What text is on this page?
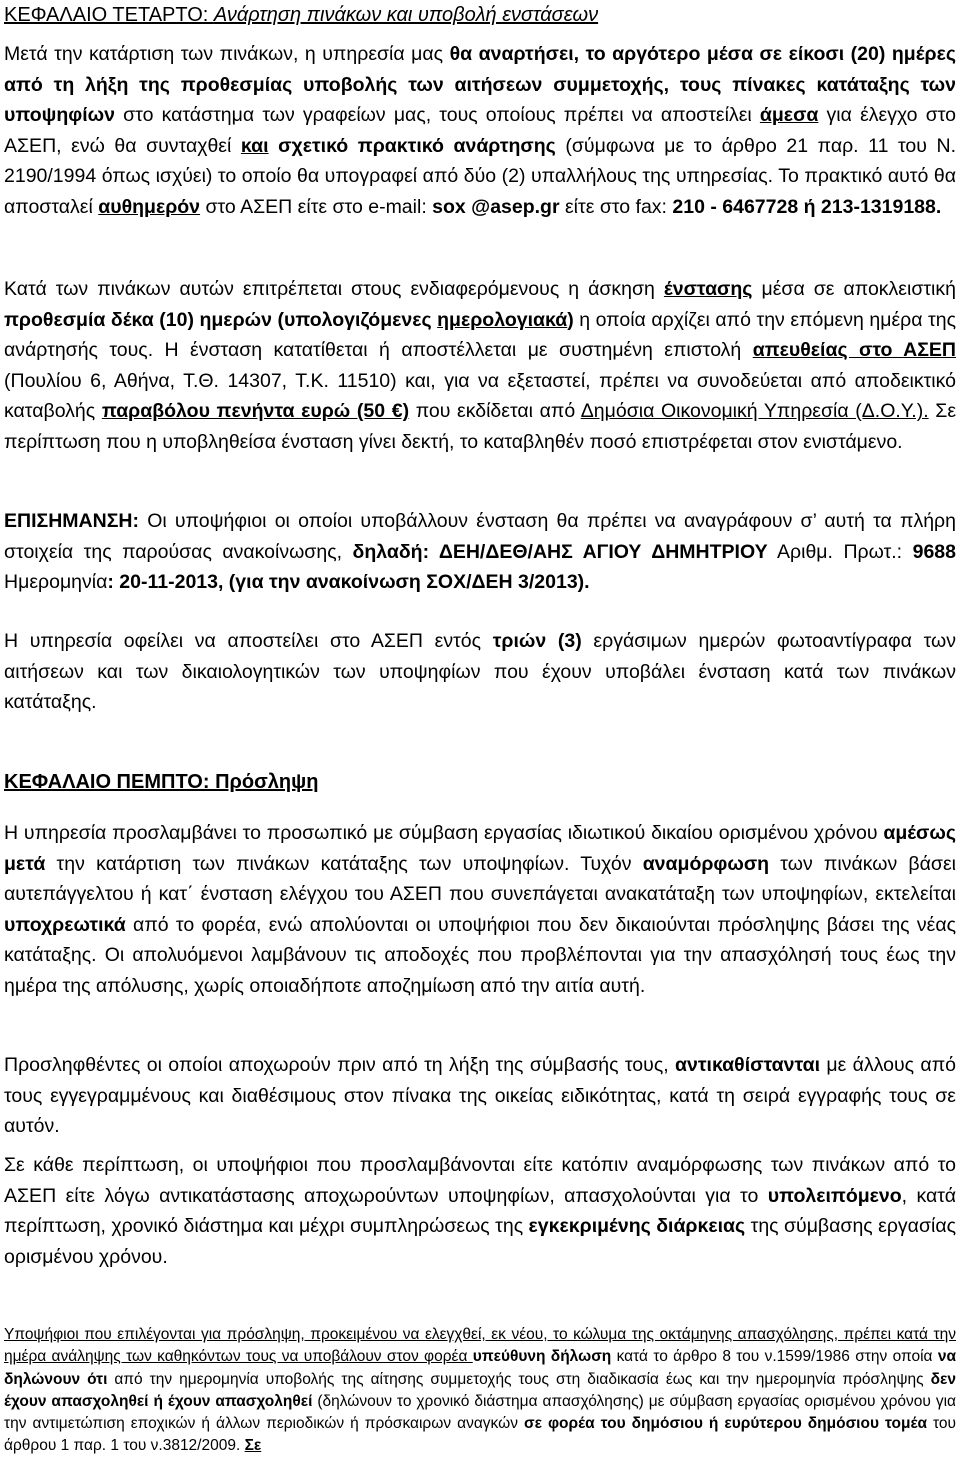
ΚΕΦΑΛΑΙΟ ΤΕΤΑΡΤΟ: Ανάρτηση πινάκων και υποβολή ενστάσεων

Μετά την κατάρτιση των πινάκων, η υπηρεσία μας θα αναρτήσει, το αργότερο μέσα σε είκοσι (20) ημέρες από τη λήξη της προθεσμίας υποβολής των αιτήσεων συμμετοχής, τους πίνακες κατάταξης των υποψηφίων στο κατάστημα των γραφείων μας, τους οποίους πρέπει να αποστείλει άμεσα για έλεγχο στο ΑΣΕΠ, ενώ θα συνταχθεί και σχετικό πρακτικό ανάρτησης (σύμφωνα με το άρθρο 21 παρ. 11 του Ν. 2190/1994 όπως ισχύει) το οποίο θα υπογραφεί από δύο (2) υπαλλήλους της υπηρεσίας. Το πρακτικό αυτό θα αποσταλεί αυθημερόν στο ΑΣΕΠ είτε στο e-mail: sox @asep.gr είτε στο fax: 210 - 6467728 ή 213-1319188.

Κατά των πινάκων αυτών επιτρέπεται στους ενδιαφερόμενους η άσκηση ένστασης μέσα σε αποκλειστική προθεσμία δέκα (10) ημερών (υπολογιζόμενες ημερολογιακά) η οποία αρχίζει από την επόμενη ημέρα της ανάρτησής τους. Η ένσταση κατατίθεται ή αποστέλλεται με συστημένη επιστολή απευθείας στο ΑΣΕΠ (Πουλίου 6, Αθήνα, Τ.Θ. 14307, Τ.Κ. 11510) και, για να εξεταστεί, πρέπει να συνοδεύεται από αποδεικτικό καταβολής παραβόλου πενήντα ευρώ (50 €) που εκδίδεται από Δημόσια Οικονομική Υπηρεσία (Δ.Ο.Υ.). Σε περίπτωση που η υποβληθείσα ένσταση γίνει δεκτή, το καταβληθέν ποσό επιστρέφεται στον ενιστάμενο.

ΕΠΙΣΗΜΑΝΣΗ: Οι υποψήφιοι οι οποίοι υποβάλλουν ένσταση θα πρέπει να αναγράφουν σ’ αυτή τα πλήρη στοιχεία της παρούσας ανακοίνωσης, δηλαδή: ΔΕΗ/ΔΕΘ/ΑΗΣ ΑΓΙΟΥ ΔΗΜΗΤΡΙΟΥ Αριθμ. Πρωτ.: 9688 Ημερομηνία: 20-11-2013, (για την ανακοίνωση ΣΟΧ/ΔΕΗ 3/2013).

Η υπηρεσία οφείλει να αποστείλει στο ΑΣΕΠ εντός τριών (3) εργάσιμων ημερών φωτοαντίγραφα των αιτήσεων και των δικαιολογητικών των υποψηφίων που έχουν υποβάλει ένσταση κατά των πινάκων κατάταξης.

ΚΕΦΑΛΑΙΟ ΠΕΜΠΤΟ: Πρόσληψη

Η υπηρεσία προσλαμβάνει το προσωπικό με σύμβαση εργασίας ιδιωτικού δικαίου ορισμένου χρόνου αμέσως μετά την κατάρτιση των πινάκων κατάταξης των υποψηφίων. Τυχόν αναμόρφωση των πινάκων βάσει αυτεπάγγελτου ή κατ΄ ένσταση ελέγχου του ΑΣΕΠ που συνεπάγεται ανακατάταξη των υποψηφίων, εκτελείται υποχρεωτικά από το φορέα, ενώ απολύονται οι υποψήφιοι που δεν δικαιούνται πρόσληψης βάσει της νέας κατάταξης. Οι απολυόμενοι λαμβάνουν τις αποδοχές που προβλέπονται για την απασχόλησή τους έως την ημέρα της απόλυσης, χωρίς οποιαδήποτε αποζημίωση από την αιτία αυτή.

Προσληφθέντες οι οποίοι αποχωρούν πριν από τη λήξη της σύμβασής τους, αντικαθίστανται με άλλους από τους εγγεγραμμένους και διαθέσιμους στον πίνακα της οικείας ειδικότητας, κατά τη σειρά εγγραφής τους σε αυτόν.

Σε κάθε περίπτωση, οι υποψήφιοι που προσλαμβάνονται είτε κατόπιν αναμόρφωσης των πινάκων από το ΑΣΕΠ είτε λόγω αντικατάστασης αποχωρούντων υποψηφίων, απασχολούνται για το υπολειπόμενο, κατά περίπτωση, χρονικό διάστημα και μέχρι συμπληρώσεως της εγκεκριμένης διάρκειας της σύμβασης εργασίας ορισμένου χρόνου.

Υποψήφιοι που επιλέγονται για πρόσληψη, προκειμένου να ελεγχθεί, εκ νέου, το κώλυμα της οκτάμηνης απασχόλησης, πρέπει κατά την ημέρα ανάληψης των καθηκόντων τους να υποβάλουν στον φορέα υπεύθυνη δήλωση κατά το άρθρο 8 του ν.1599/1986 στην οποία να δηλώνουν ότι από την ημερομηνία υποβολής της αίτησης συμμετοχής τους στη διαδικασία έως και την ημερομηνία πρόσληψης δεν έχουν απασχοληθεί ή έχουν απασχοληθεί (δηλώνουν το χρονικό διάστημα απασχόλησης) με σύμβαση εργασίας ορισμένου χρόνου για την αντιμετώπιση εποχικών ή άλλων περιοδικών ή πρόσκαιρων αναγκών σε φορέα του δημόσιου ή ευρύτερου δημόσιου τομέα του άρθρου 1 παρ. 1 του ν.3812/2009. Σε
